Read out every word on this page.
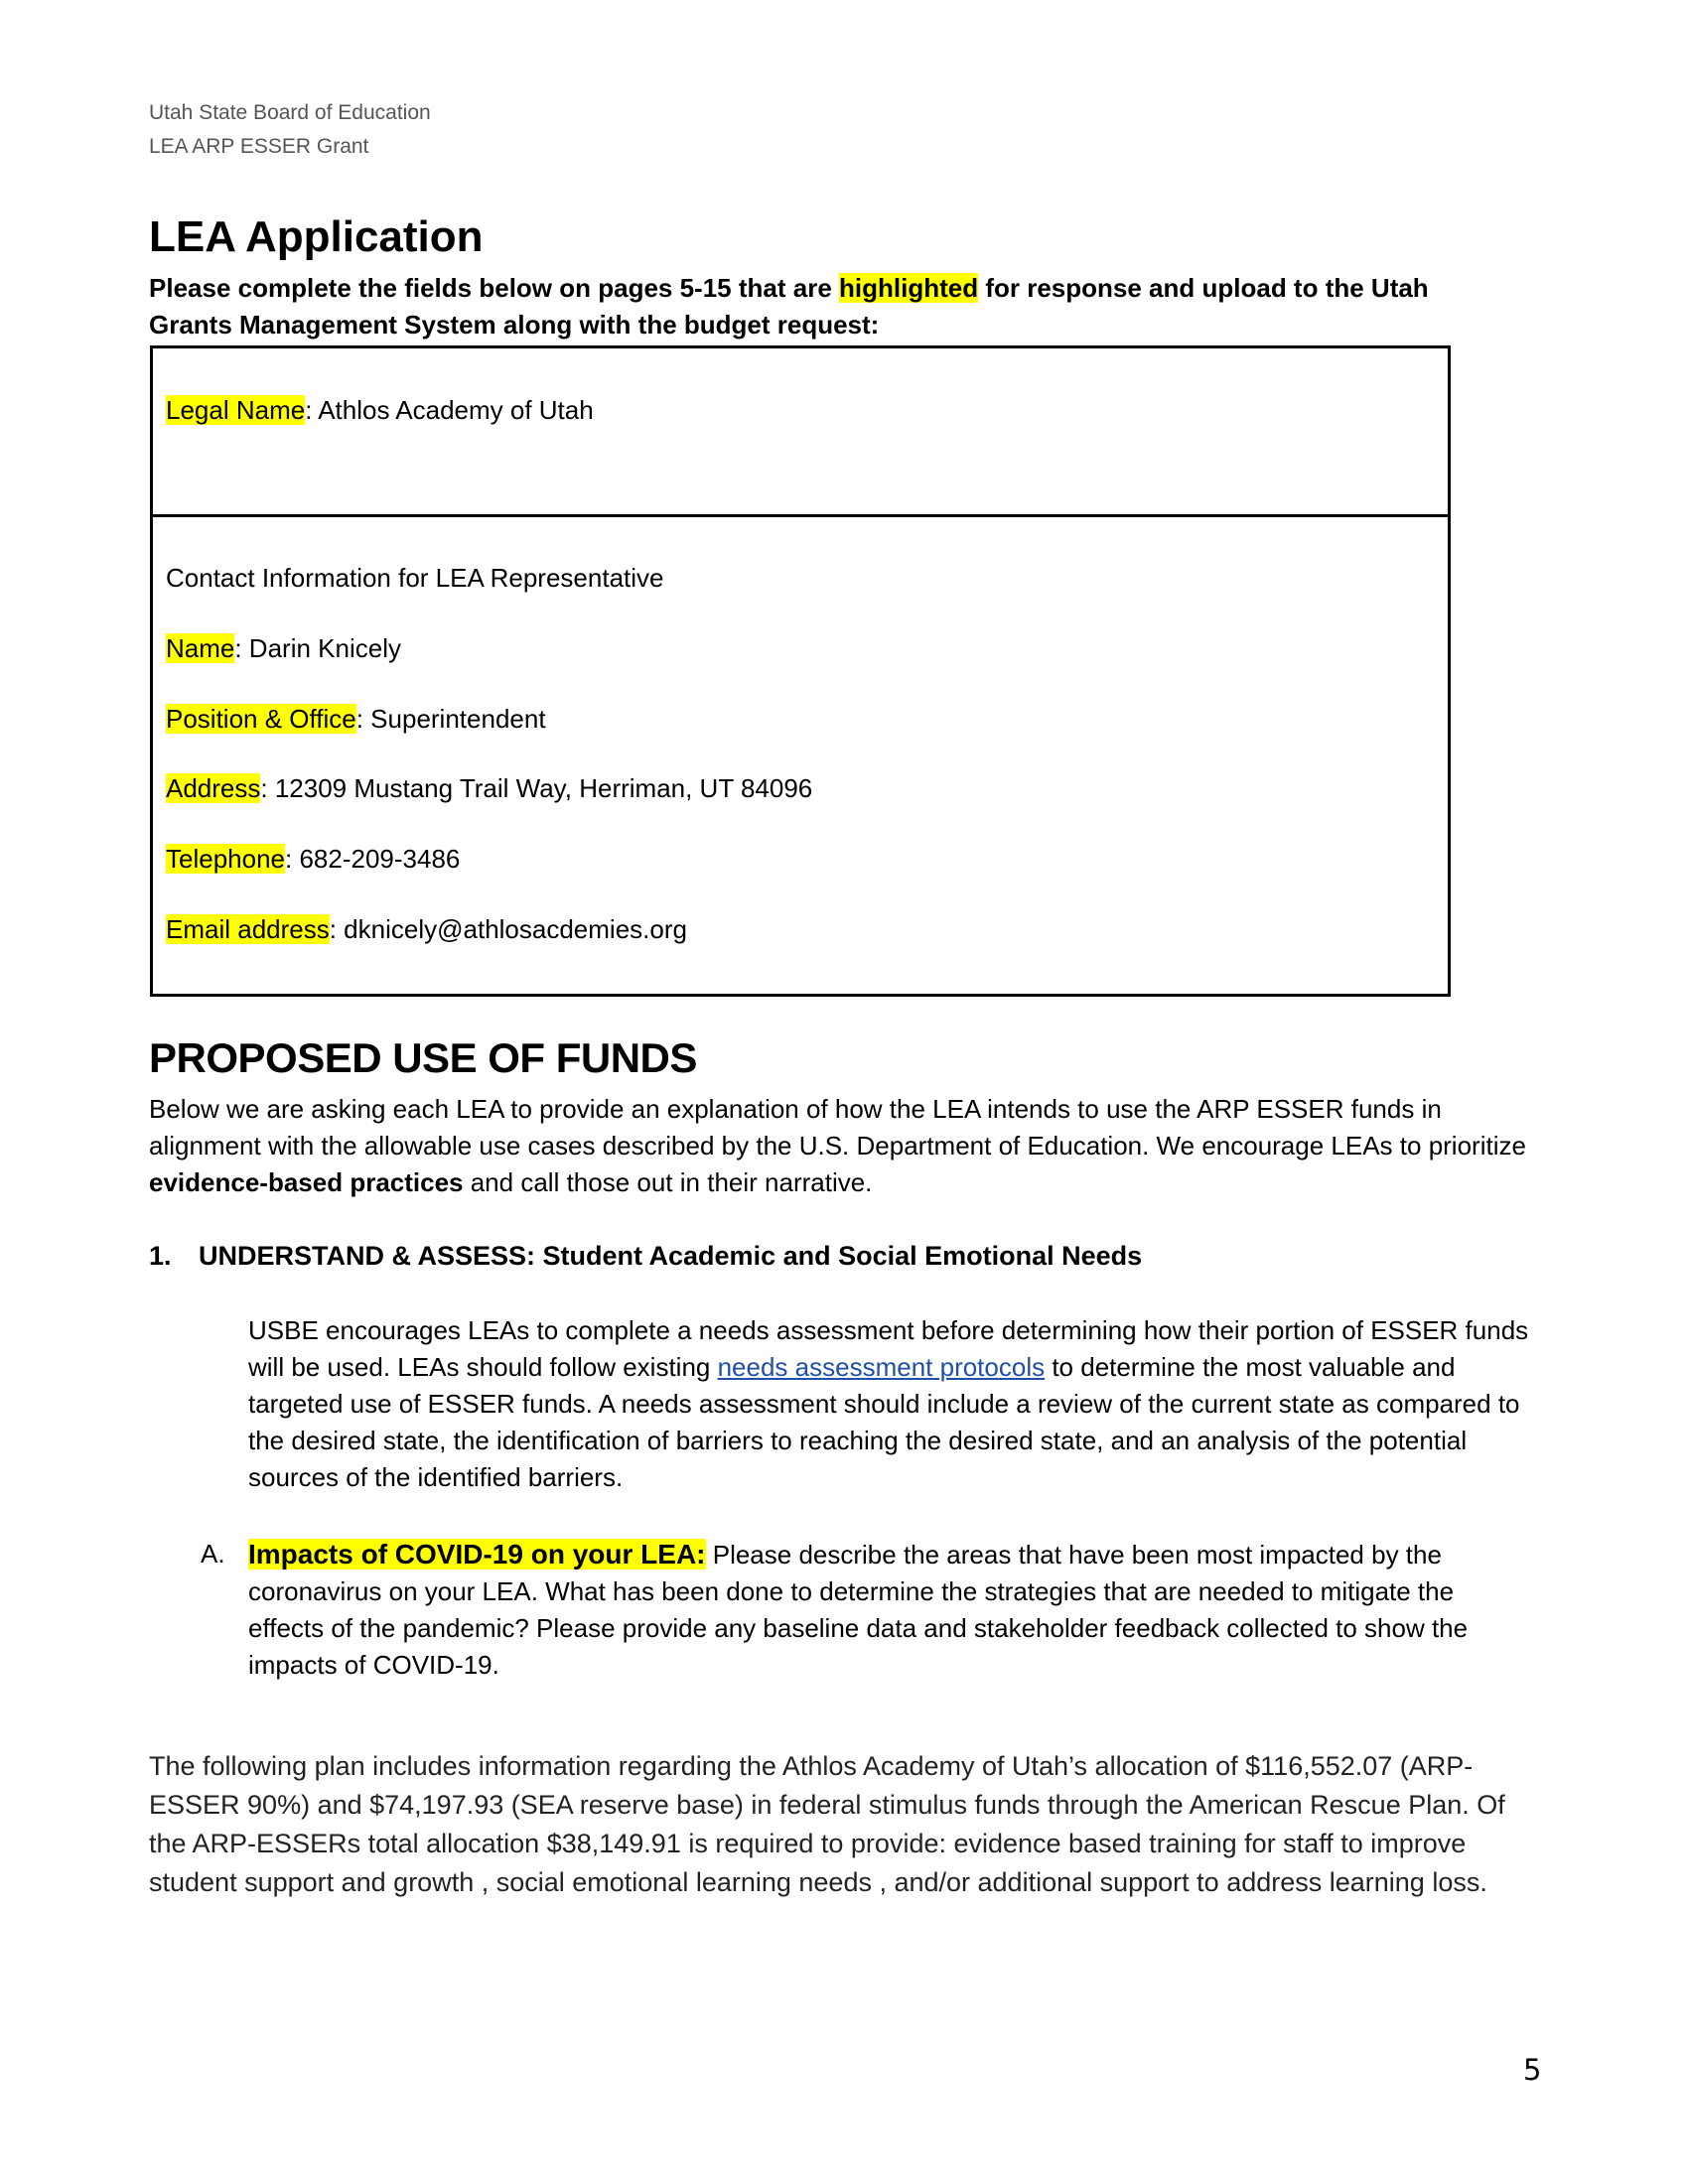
Utah State Board of Education
LEA ARP ESSER Grant
LEA Application

Please complete the fields below on pages 5-15 that are highlighted for response and upload to the Utah Grants Management System along with the budget request:

Legal Name: Athlos Academy of Utah
Contact Information for LEA Representative
Name: Darin Knicely
Position & Office: Superintendent
Address: 12309 Mustang Trail Way, Herriman, UT 84096
Telephone: 682-209-3486
Email address: dknicely@athlosacdemies.org
PROPOSED USE OF FUNDS

Below we are asking each LEA to provide an explanation of how the LEA intends to use the ARP ESSER funds in alignment with the allowable use cases described by the U.S. Department of Education. We encourage LEAs to prioritize evidence-based practices and call those out in their narrative.

1. UNDERSTAND & ASSESS: Student Academic and Social Emotional Needs

USBE encourages LEAs to complete a needs assessment before determining how their portion of ESSER funds will be used. LEAs should follow existing needs assessment protocols to determine the most valuable and targeted use of ESSER funds. A needs assessment should include a review of the current state as compared to the desired state, the identification of barriers to reaching the desired state, and an analysis of the potential sources of the identified barriers.

A. Impacts of COVID-19 on your LEA: Please describe the areas that have been most impacted by the coronavirus on your LEA. What has been done to determine the strategies that are needed to mitigate the effects of the pandemic? Please provide any baseline data and stakeholder feedback collected to show the impacts of COVID-19.

The following plan includes information regarding the Athlos Academy of Utah’s allocation of $116,552.07 (ARP-ESSER 90%) and $74,197.93 (SEA reserve base) in federal stimulus funds through the American Rescue Plan. Of the ARP-ESSERs total allocation $38,149.91 is required to provide: evidence based training for staff to improve student support and growth , social emotional learning needs , and/or additional support to address learning loss.

5
